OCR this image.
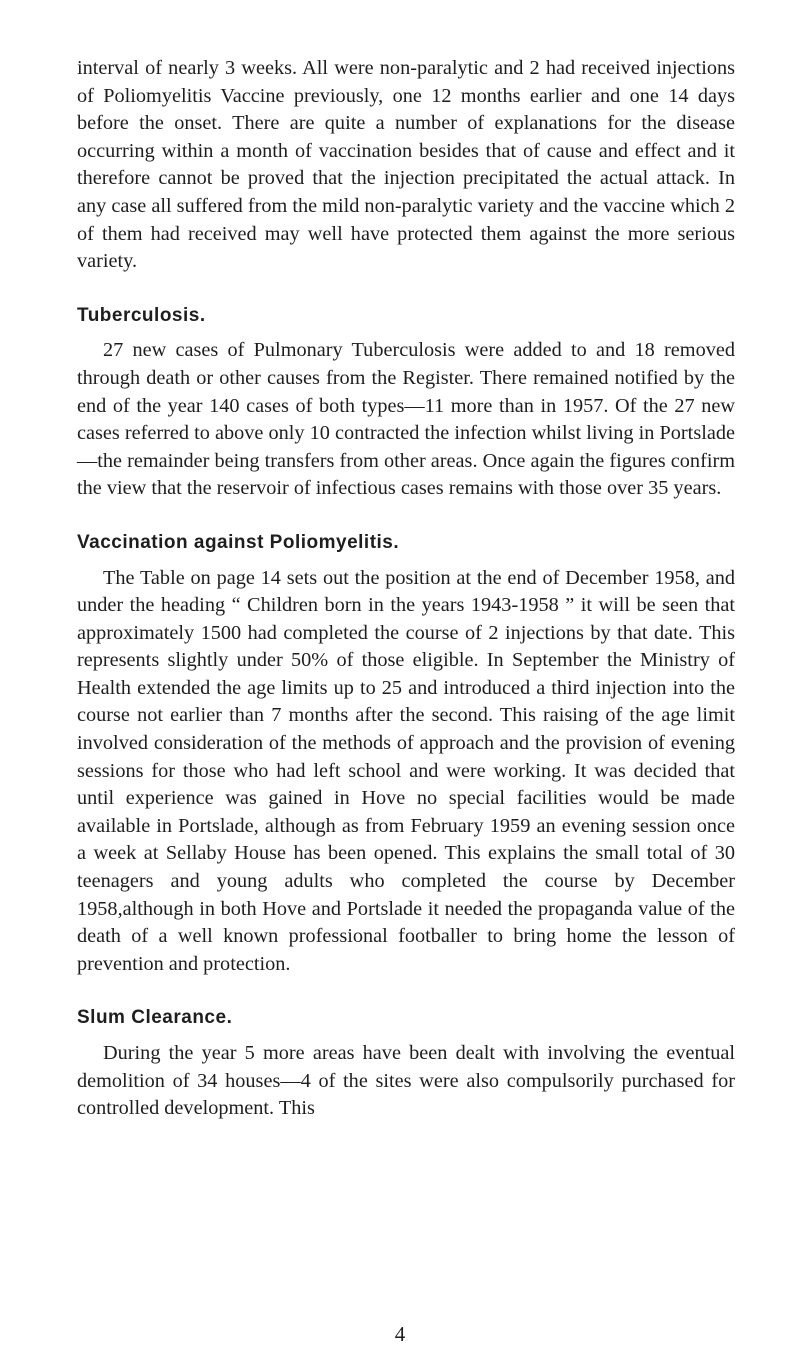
interval of nearly 3 weeks. All were non-paralytic and 2 had received injections of Poliomyelitis Vaccine previously, one 12 months earlier and one 14 days before the onset. There are quite a number of explanations for the disease occurring within a month of vaccination besides that of cause and effect and it therefore cannot be proved that the injection precipitated the actual attack. In any case all suffered from the mild non-paralytic variety and the vaccine which 2 of them had received may well have protected them against the more serious variety.

Tuberculosis.

27 new cases of Pulmonary Tuberculosis were added to and 18 removed through death or other causes from the Register. There remained notified by the end of the year 140 cases of both types—11 more than in 1957. Of the 27 new cases referred to above only 10 contracted the infection whilst living in Portslade—the remainder being transfers from other areas. Once again the figures confirm the view that the reservoir of infectious cases remains with those over 35 years.

Vaccination against Poliomyelitis.

The Table on page 14 sets out the position at the end of December 1958, and under the heading “ Children born in the years 1943-1958 ” it will be seen that approximately 1500 had completed the course of 2 injections by that date. This represents slightly under 50% of those eligible. In September the Ministry of Health extended the age limits up to 25 and introduced a third injection into the course not earlier than 7 months after the second. This raising of the age limit involved consideration of the methods of approach and the provision of evening sessions for those who had left school and were working. It was decided that until experience was gained in Hove no special facilities would be made available in Portslade, although as from February 1959 an evening session once a week at Sellaby House has been opened. This explains the small total of 30 teenagers and young adults who completed the course by December 1958,although in both Hove and Portslade it needed the propaganda value of the death of a well known professional footballer to bring home the lesson of prevention and protection.

Slum Clearance.

During the year 5 more areas have been dealt with involving the eventual demolition of 34 houses—4 of the sites were also compulsorily purchased for controlled development. This

4
